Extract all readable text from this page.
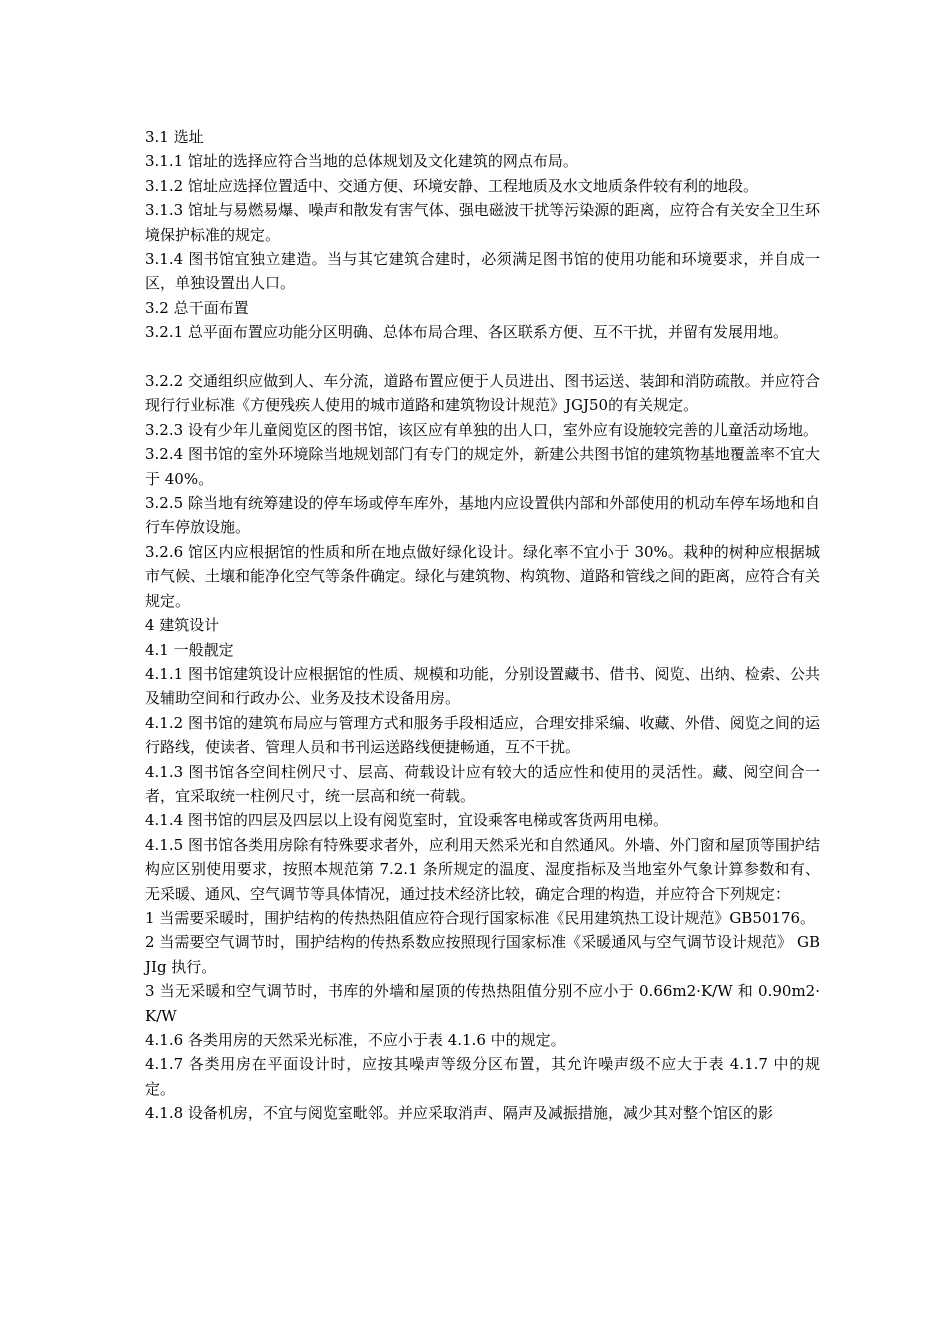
3.1 选址

3.1.1 馆址的选择应符合当地的总体规划及文化建筑的网点布局。

3.1.2 馆址应选择位置适中、交通方便、环境安静、工程地质及水文地质条件较有利的地段。

3.1.3 馆址与易燃易爆、噪声和散发有害气体、强电磁波干扰等污染源的距离，应符合有关安全卫生环境保护标准的规定。

3.1.4 图书馆宜独立建造。当与其它建筑合建时，必须满足图书馆的使用功能和环境要求，并自成一区，单独设置出人口。

3.2 总干面布置

3.2.1 总平面布置应功能分区明确、总体布局合理、各区联系方便、互不干扰，并留有发展用地。

3.2.2 交通组织应做到人、车分流，道路布置应便于人员进出、图书运送、装卸和消防疏散。并应符合现行行业标准《方便残疾人使用的城市道路和建筑物设计规范》JGJ50的有关规定。

3.2.3 设有少年儿童阅览区的图书馆，该区应有单独的出人口，室外应有设施较完善的儿童活动场地。

3.2.4 图书馆的室外环境除当地规划部门有专门的规定外，新建公共图书馆的建筑物基地覆盖率不宜大于 40%。

3.2.5 除当地有统筹建设的停车场或停车库外，基地内应设置供内部和外部使用的机动车停车场地和自行车停放设施。

3.2.6 馆区内应根据馆的性质和所在地点做好绿化设计。绿化率不宜小于 30%。栽种的树种应根据城市气候、土壤和能净化空气等条件确定。绿化与建筑物、构筑物、道路和管线之间的距离，应符合有关规定。

4 建筑设计

4.1 一般靓定

4.1.1 图书馆建筑设计应根据馆的性质、规模和功能，分别设置藏书、借书、阅览、出纳、检索、公共及辅助空间和行政办公、业务及技术设备用房。

4.1.2 图书馆的建筑布局应与管理方式和服务手段相适应，合理安排采编、收藏、外借、阅览之间的运行路线，使读者、管理人员和书刊运送路线便捷畅通，互不干扰。

4.1.3 图书馆各空间柱例尺寸、层高、荷载设计应有较大的适应性和使用的灵活性。藏、阅空间合一者，宜采取统一柱例尺寸，统一层高和统一荷载。

4.1.4 图书馆的四层及四层以上设有阅览室时，宜设乘客电梯或客货两用电梯。

4.1.5 图书馆各类用房除有特殊要求者外，应利用天然采光和自然通风。外墙、外门窗和屋顶等围护结构应区别使用要求，按照本规范第 7.2.1 条所规定的温度、湿度指标及当地室外气象计算参数和有、无采暖、通风、空气调节等具体情况，通过技术经济比较，确定合理的构造，并应符合下列规定：

1 当需要采暖时，围护结构的传热热阻值应符合现行国家标准《民用建筑热工设计规范》GB50176。

2 当需要空气调节时，围护结构的传热系数应按照现行国家标准《采暖通风与空气调节设计规范》 GBJIg 执行。

3 当无采暖和空气调节时，书库的外墙和屋顶的传热热阻值分别不应小于 0.66m2·K/W 和 0.90m2·K/W

4.1.6 各类用房的天然采光标准，不应小于表 4.1.6 中的规定。

4.1.7 各类用房在平面设计时，应按其噪声等级分区布置，其允许噪声级不应大于表 4.1.7 中的规定。

4.1.8 设备机房，不宜与阅览室毗邻。并应采取消声、隔声及减振措施，减少其对整个馆区的影
